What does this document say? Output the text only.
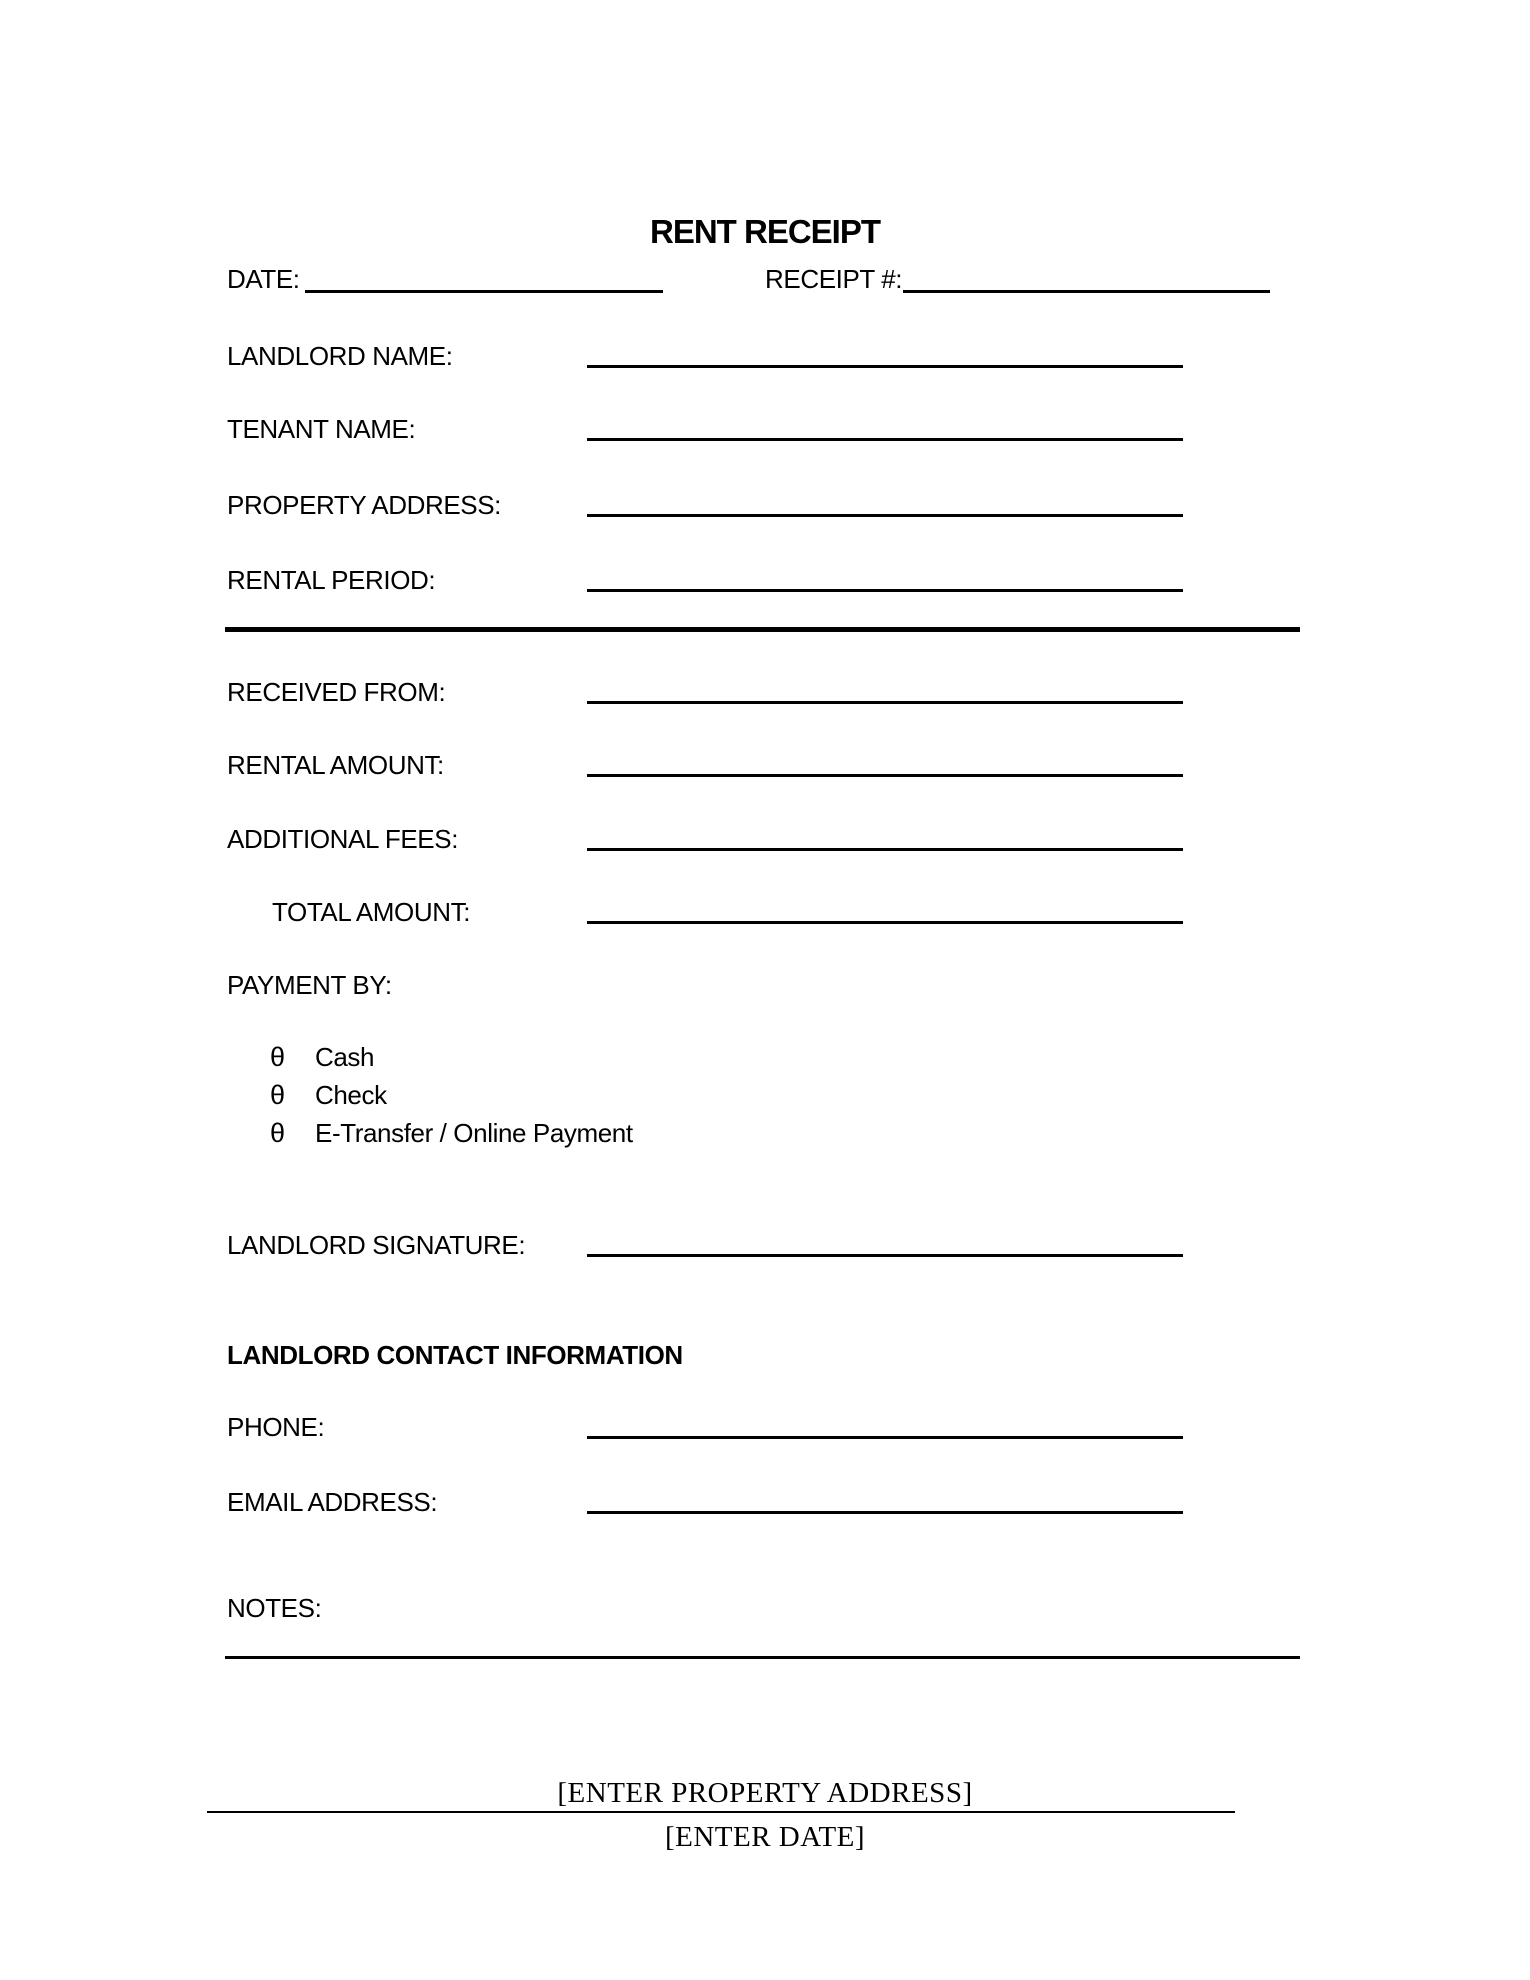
RENT RECEIPT
DATE:	RECEIPT #:
LANDLORD NAME:
TENANT NAME:
PROPERTY ADDRESS:
RENTAL PERIOD:
RECEIVED FROM:
RENTAL AMOUNT:
ADDITIONAL FEES:
TOTAL AMOUNT:
PAYMENT BY:
θ Cash
θ Check
θ E-Transfer / Online Payment
LANDLORD SIGNATURE:
LANDLORD CONTACT INFORMATION
PHONE:
EMAIL ADDRESS:
NOTES:
[ENTER PROPERTY ADDRESS]
[ENTER DATE]
